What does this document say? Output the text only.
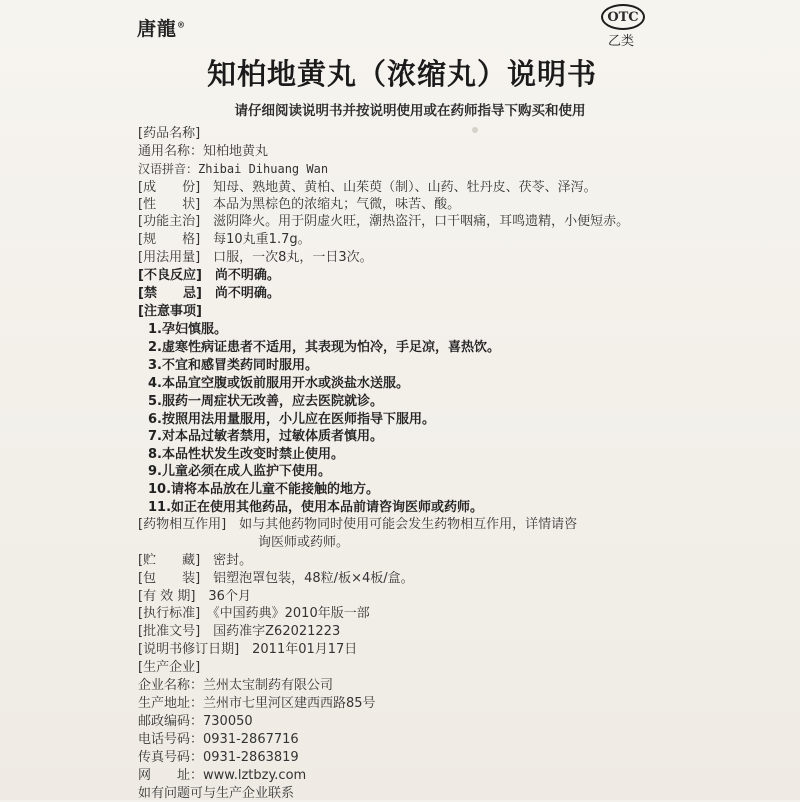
唐龍®
OTC
乙类
知柏地黄丸（浓缩丸）说明书
请仔细阅读说明书并按说明使用或在药师指导下购买和使用
[药品名称]
通用名称：知柏地黄丸
汉语拼音：Zhibai Dihuang Wan
[成　　份]　知母、熟地黄、黄柏、山茱萸（制）、山药、牡丹皮、茯苓、泽泻。
[性　　状]　本品为黑棕色的浓缩丸；气微，味苦、酸。
[功能主治]　滋阴降火。用于阴虚火旺，潮热盗汗，口干咽痛，耳鸣遗精，小便短赤。
[规　　格]　每10丸重1.7g。
[用法用量]　口服，一次8丸，一日3次。
[不良反应]　尚不明确。
[禁　　忌]　尚不明确。
[注意事项]
1.孕妇慎服。
2.虚寒性病证患者不适用，其表现为怕冷，手足凉，喜热饮。
3.不宜和感冒类药同时服用。
4.本品宜空腹或饭前服用开水或淡盐水送服。
5.服药一周症状无改善，应去医院就诊。
6.按照用法用量服用，小儿应在医师指导下服用。
7.对本品过敏者禁用，过敏体质者慎用。
8.本品性状发生改变时禁止使用。
9.儿童必须在成人监护下使用。
10.请将本品放在儿童不能接触的地方。
11.如正在使用其他药品，使用本品前请咨询医师或药师。
[药物相互作用]　如与其他药物同时使用可能会发生药物相互作用，详情请咨
询医师或药师。
[贮　　藏]　密封。
[包　　装]　铝塑泡罩包装，48粒/板×4板/盒。
[有 效 期]　36个月
[执行标准]　《中国药典》2010年版一部
[批准文号]　国药准字Z62021223
[说明书修订日期]　2011年01月17日
[生产企业]
企业名称：兰州太宝制药有限公司
生产地址：兰州市七里河区建西西路85号
邮政编码：730050
电话号码：0931-2867716
传真号码：0931-2863819
网　　址：www.lztbzy.com
如有问题可与生产企业联系
